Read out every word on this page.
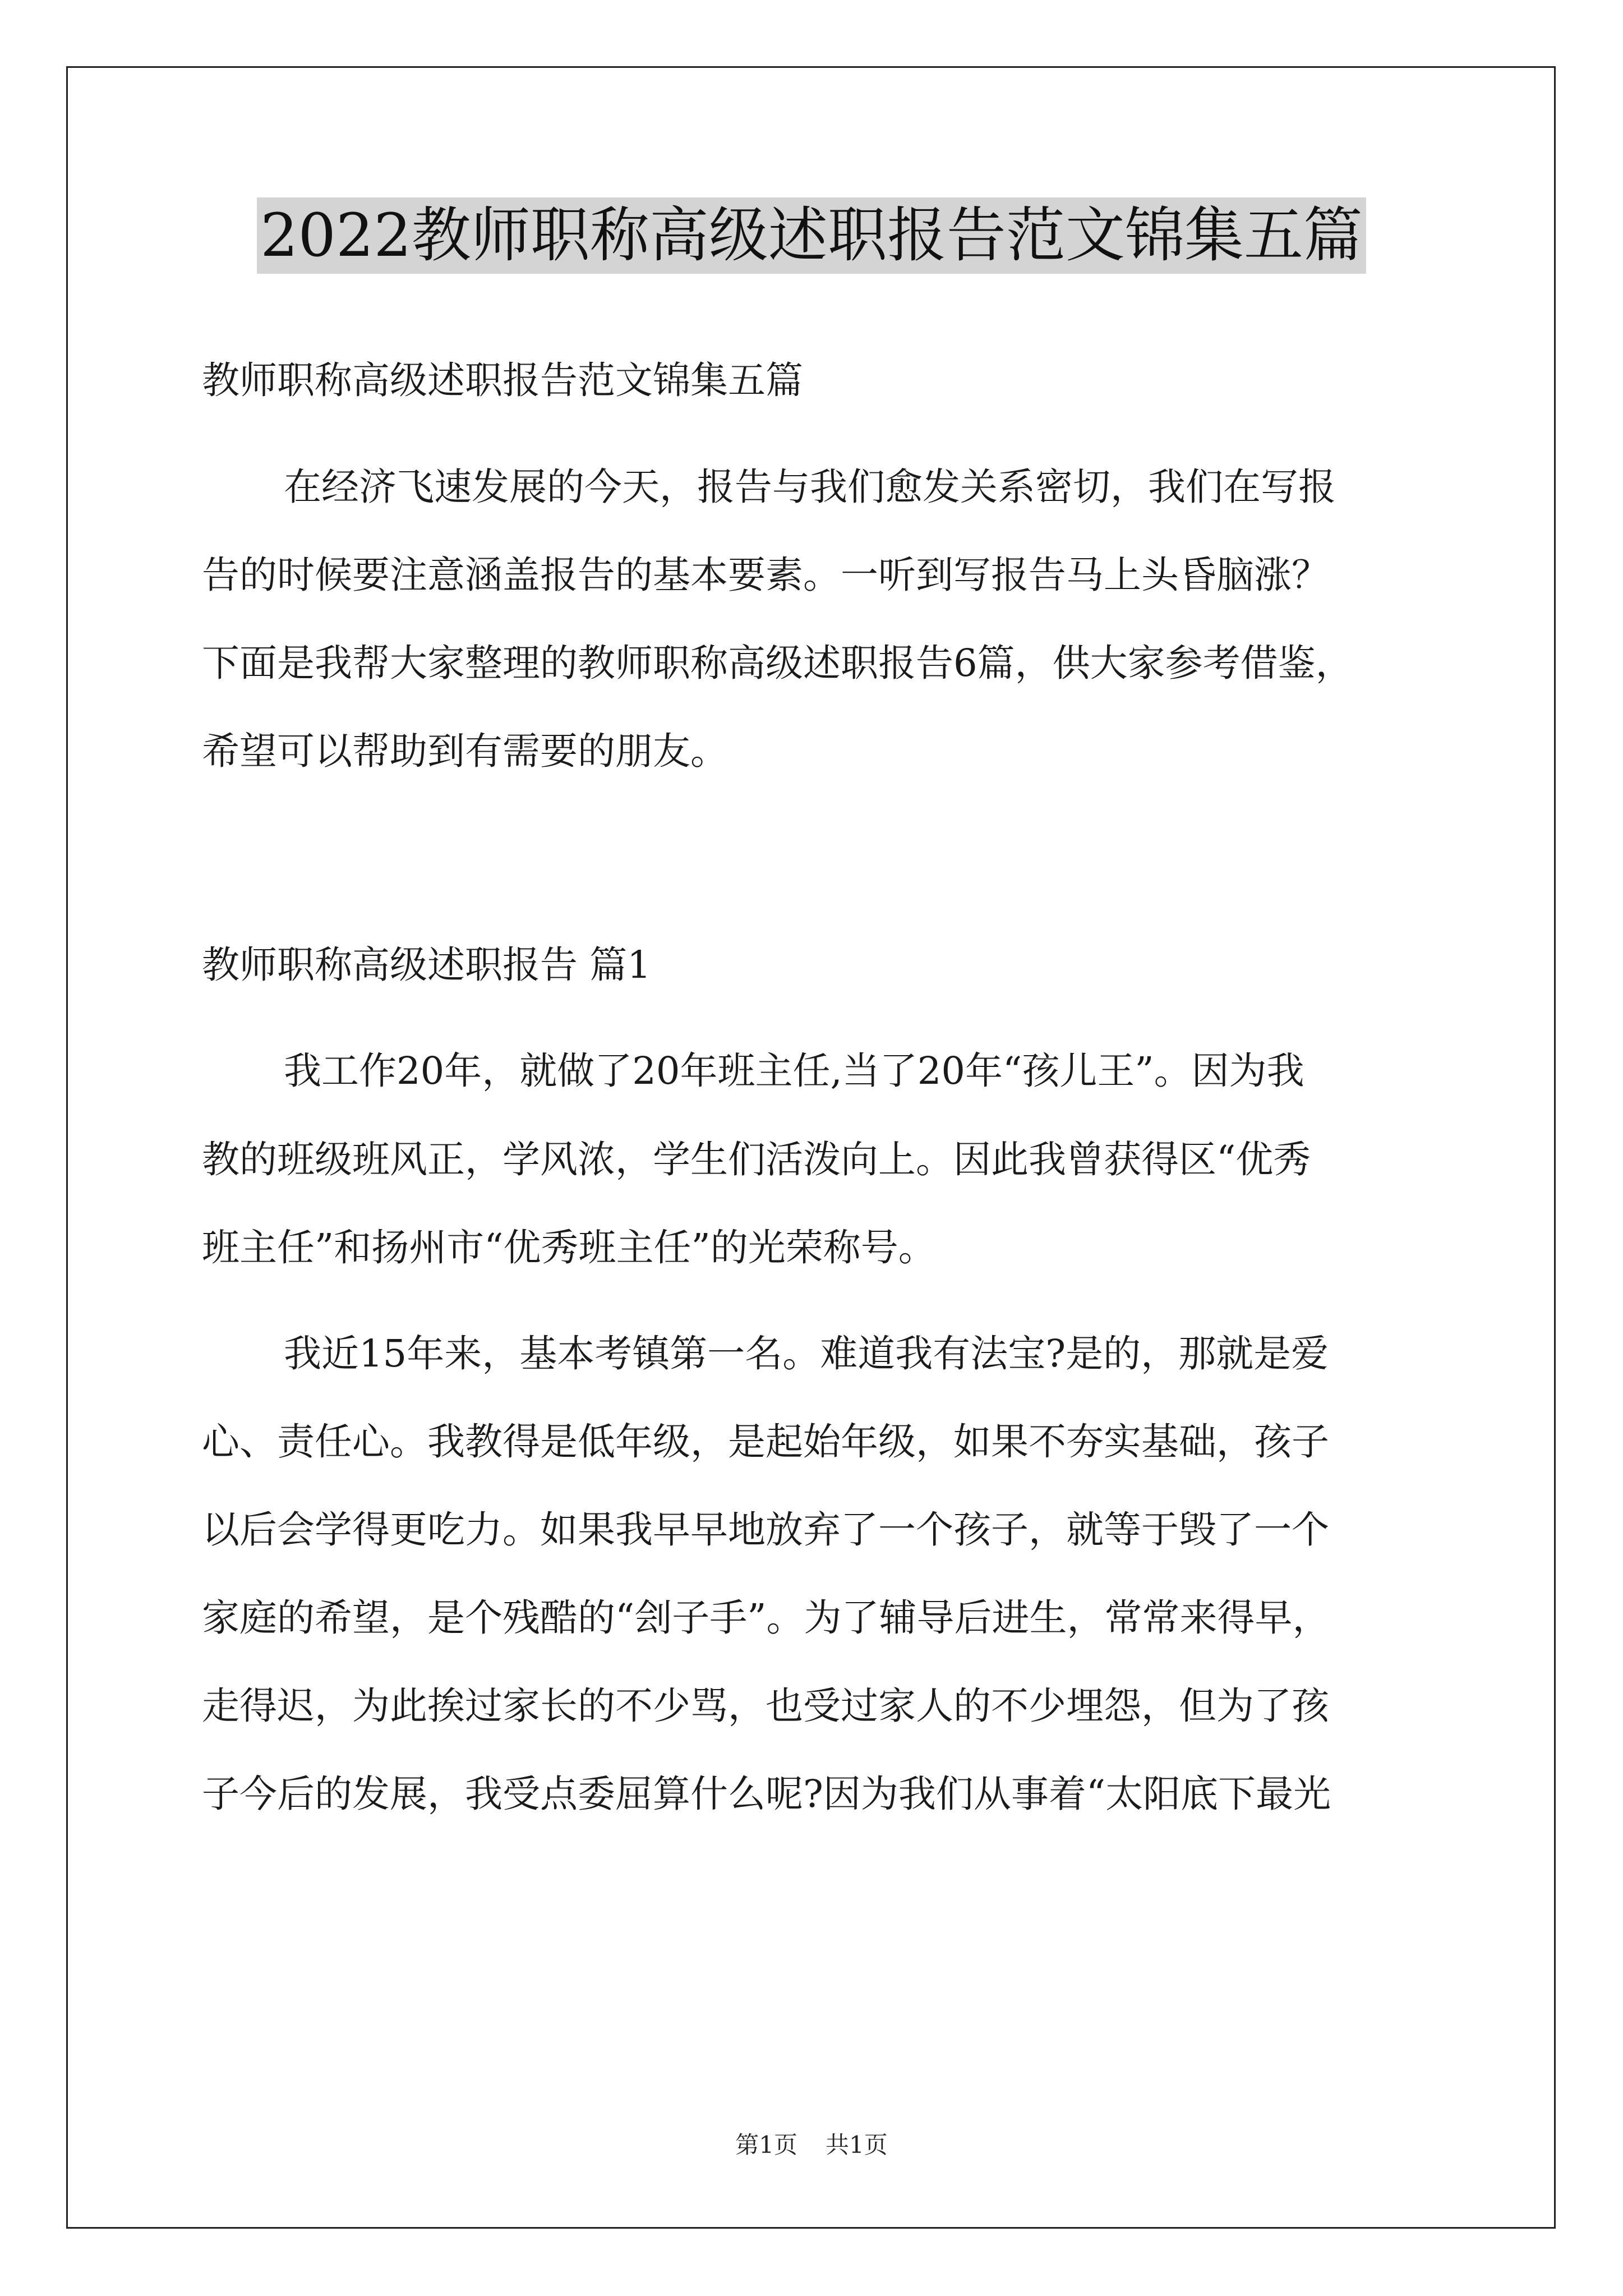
2022教师职称高级述职报告范文锦集五篇
教师职称高级述职报告范文锦集五篇
在经济飞速发展的今天，报告与我们愈发关系密切，我们在写报
告的时候要注意涵盖报告的基本要素。一听到写报告马上头昏脑涨？
下面是我帮大家整理的教师职称高级述职报告6篇，供大家参考借鉴，
希望可以帮助到有需要的朋友。
教师职称高级述职报告 篇1
我工作20年，就做了20年班主任,当了20年“孩儿王”。因为我
教的班级班风正，学风浓，学生们活泼向上。因此我曾获得区“优秀
班主任”和扬州市“优秀班主任”的光荣称号。
我近15年来，基本考镇第一名。难道我有法宝?是的，那就是爱
心、责任心。我教得是低年级，是起始年级，如果不夯实基础，孩子
以后会学得更吃力。如果我早早地放弃了一个孩子，就等于毁了一个
家庭的希望，是个残酷的“刽子手”。为了辅导后进生，常常来得早，
走得迟，为此挨过家长的不少骂，也受过家人的不少埋怨，但为了孩
子今后的发展，我受点委屈算什么呢?因为我们从事着“太阳底下最光
第1页 共1页
